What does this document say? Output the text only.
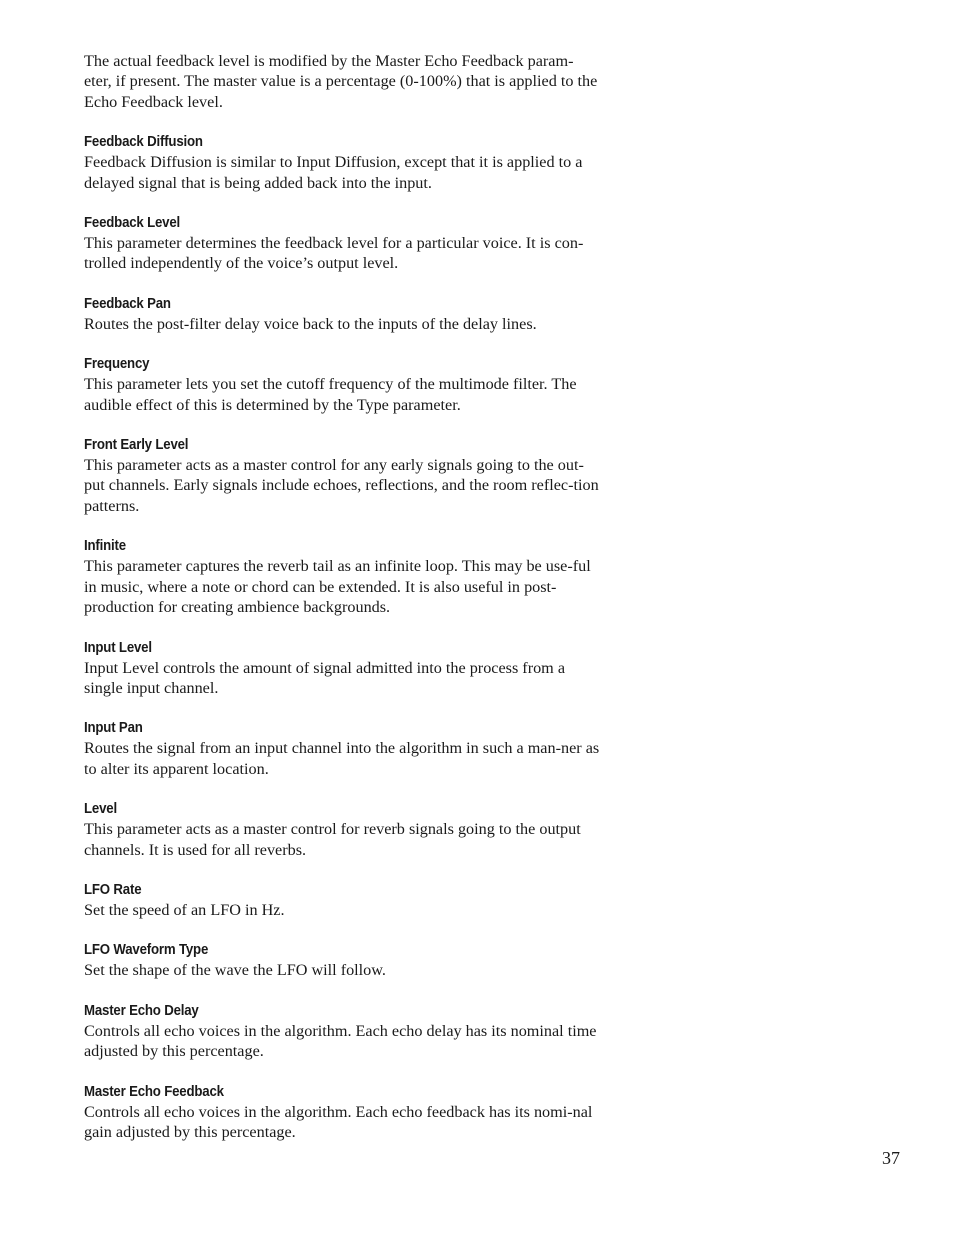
The actual feedback level is modified by the Master Echo Feedback param-eter, if present. The master value is a percentage (0-100%) that is applied to the Echo Feedback level.

Feedback Diffusion

Feedback Diffusion is similar to Input Diffusion, except that it is applied to a delayed signal that is being added back into the input.

Feedback Level

This parameter determines the feedback level for a particular voice. It is con-trolled independently of the voice’s output level.

Feedback Pan

Routes the post-filter delay voice back to the inputs of the delay lines.

Frequency

This parameter lets you set the cutoff frequency of the multimode filter. The audible effect of this is determined by the Type parameter.

Front Early Level

This parameter acts as a master control for any early signals going to the out-put channels. Early signals include echoes, reflections, and the room reflec-tion patterns.

Infinite

This parameter captures the reverb tail as an infinite loop. This may be use-ful in music, where a note or chord can be extended. It is also useful in post-production for creating ambience backgrounds.

Input Level

Input Level controls the amount of signal admitted into the process from a single input channel.

Input Pan

Routes the signal from an input channel into the algorithm in such a man-ner as to alter its apparent location.

Level

This parameter acts as a master control for reverb signals going to the output channels. It is used for all reverbs.

LFO Rate

Set the speed of an LFO in Hz.

LFO Waveform Type

Set the shape of the wave the LFO will follow.

Master Echo Delay

Controls all echo voices in the algorithm. Each echo delay has its nominal time adjusted by this percentage.

Master Echo Feedback

Controls all echo voices in the algorithm. Each echo feedback has its nomi-nal gain adjusted by this percentage.

37
